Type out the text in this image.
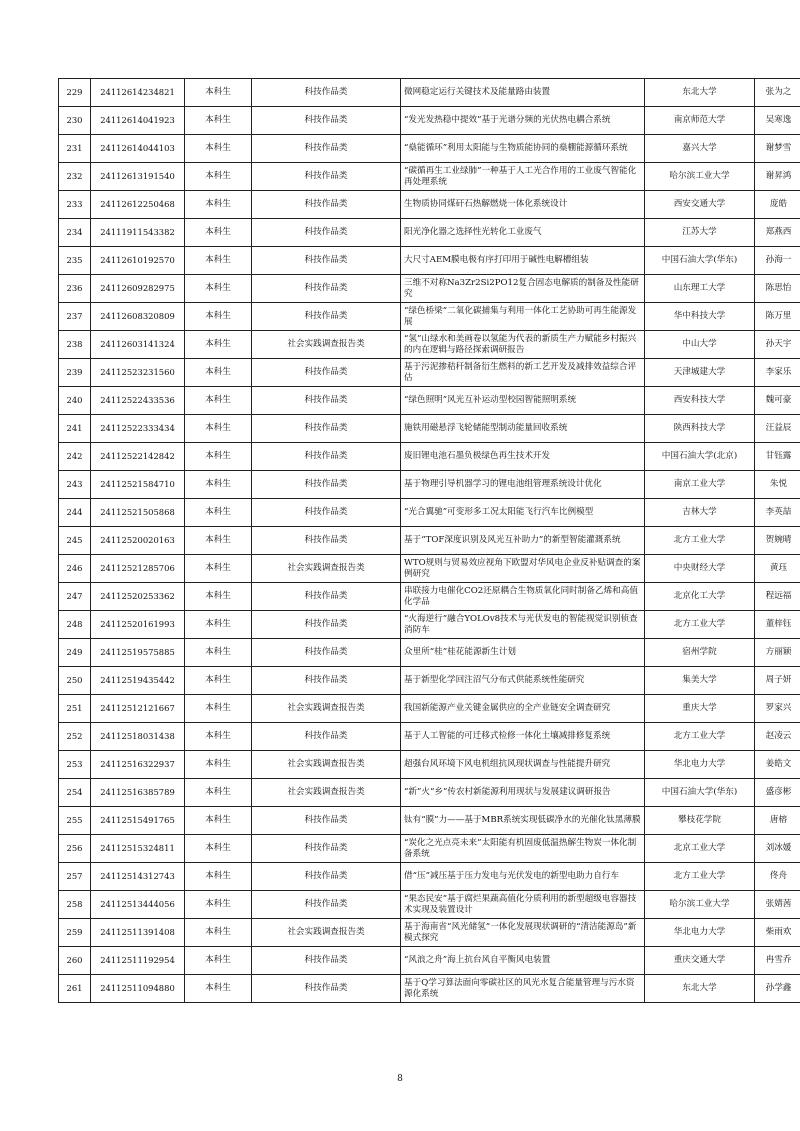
229	24112614234821	本科生	科技作品类	微网稳定运行关键技术及能量路由装置	东北大学	张为之
230	24112614041923	本科生	科技作品类	“发光发热稳中提效”基于光谱分频的光伏热电耦合系统	南京师范大学	吴寒逸
231	24112614044103	本科生	科技作品类	“燊能循环”利用太阳能与生物质能协同的燊棚能源循环系统	嘉兴大学	谢梦雪
232	24112613191540	本科生	科技作品类	“碳循再生工业绿肺”一种基于人工光合作用的工业废气智能化再处理系统	哈尔滨工业大学	谢昇鸿
233	24112612250468	本科生	科技作品类	生物质协同煤矸石热解燃烧一体化系统设计	西安交通大学	庞皓
234	24111911543382	本科生	科技作品类	阳光净化器之选择性光转化工业废气	江苏大学	郑燕西
235	24112610192570	本科生	科技作品类	大尺寸AEM膜电极有序打印用于碱性电解槽组装	中国石油大学(华东)	孙海一
236	24112609282975	本科生	科技作品类	三维不对称Na3Zr2Si2PO12复合固态电解质的制备及性能研究	山东理工大学	陈思怡
237	24112608320809	本科生	科技作品类	“绿色桥梁”二氧化碳捕集与利用一体化工艺协助可再生能源发展	华中科技大学	陈万里
238	24112603141324	本科生	社会实践调查报告类	“氢”山绿水和美画卷以氢能为代表的新质生产力赋能乡村振兴的内在逻辑与路径探索调研报告	中山大学	孙天宇
239	24112523231560	本科生	科技作品类	基于污泥掺秸秆制备衍生燃料的新工艺开发及减排效益综合评估	天津城建大学	李家乐
240	24112522433536	本科生	科技作品类	“绿色照明”风光互补运动型校园智能照明系统	西安科技大学	魏可豪
241	24112522333434	本科生	科技作品类	施铁用磁悬浮飞轮储能型制动能量回收系统	陕西科技大学	汪益辰
242	24112522142842	本科生	科技作品类	废旧锂电池石墨负极绿色再生技术开发	中国石油大学(北京)	甘钰露
243	24112521584710	本科生	科技作品类	基于物理引导机器学习的锂电池组管理系统设计优化	南京工业大学	朱悦
244	24112521505868	本科生	科技作品类	“光合翼驰”可变形多工况太阳能飞行汽车比例模型	吉林大学	李英喆
245	24112520020163	本科生	科技作品类	基于“TOF深度识别及风光互补助力”的新型智能灌溉系统	北方工业大学	贺婉晴
246	24112521285706	本科生	社会实践调查报告类	WTO规则与贸易效应视角下欧盟对华风电企业反补贴调查的案例研究	中央财经大学	黄珏
247	24112520253362	本科生	科技作品类	串联接力电催化CO2还原耦合生物质氧化同时制备乙烯和高值化学品	北京化工大学	程远福
248	24112520161993	本科生	科技作品类	“火海逆行”融合YOLOv8技术与光伏发电的智能视觉识别侦查消防车	北方工业大学	董梓钰
249	24112519575885	本科生	科技作品类	众里所“桂”桂花能源新生计划	宿州学院	方丽颖
250	24112519435442	本科生	科技作品类	基于新型化学回注沼气分布式供能系统性能研究	集美大学	周子妍
251	24112512121667	本科生	社会实践调查报告类	我国新能源产业关键金属供应的全产业链安全调查研究	重庆大学	罗家兴
252	24112518031438	本科生	科技作品类	基于人工智能的可迁移式检修一体化土壤减排修复系统	北方工业大学	赵凌云
253	24112516322937	本科生	社会实践调查报告类	超强台风环境下风电机组抗风现状调查与性能提升研究	华北电力大学	姜皓文
254	24112516385789	本科生	社会实践调查报告类	“新”火“乡”传农村新能源利用现状与发展建议调研报告	中国石油大学(华东)	盛彦彬
255	24112515491765	本科生	科技作品类	钛有“膜”力——基于MBR系统实现低碳净水的光催化钛黑薄膜	攀枝花学院	唐榕
256	24112515324811	本科生	科技作品类	“炭化之光点亮未来”太阳能有机固废低温热解生物炭一体化制备系统	北京工业大学	刘冰媛
257	24112514312743	本科生	科技作品类	借“压”减压基于压力发电与光伏发电的新型电助力自行车	北方工业大学	佟舟
258	24112513444056	本科生	科技作品类	“果态民安”基于腐烂果蔬高值化分质利用的新型超级电容器技术实现及装置设计	哈尔滨工业大学	张婧茜
259	24112511391408	本科生	社会实践调查报告类	基于海南省“风光储氢”一体化发展现状调研的“清洁能源岛”新模式探究	华北电力大学	柴雨欢
260	24112511192954	本科生	科技作品类	“风浪之舟”海上抗台风自平衡风电装置	重庆交通大学	冉雪乔
261	24112511094880	本科生	科技作品类	基于Q学习算法面向零碳社区的风光水复合能量管理与污水资源化系统	东北大学	孙学鑫
8
